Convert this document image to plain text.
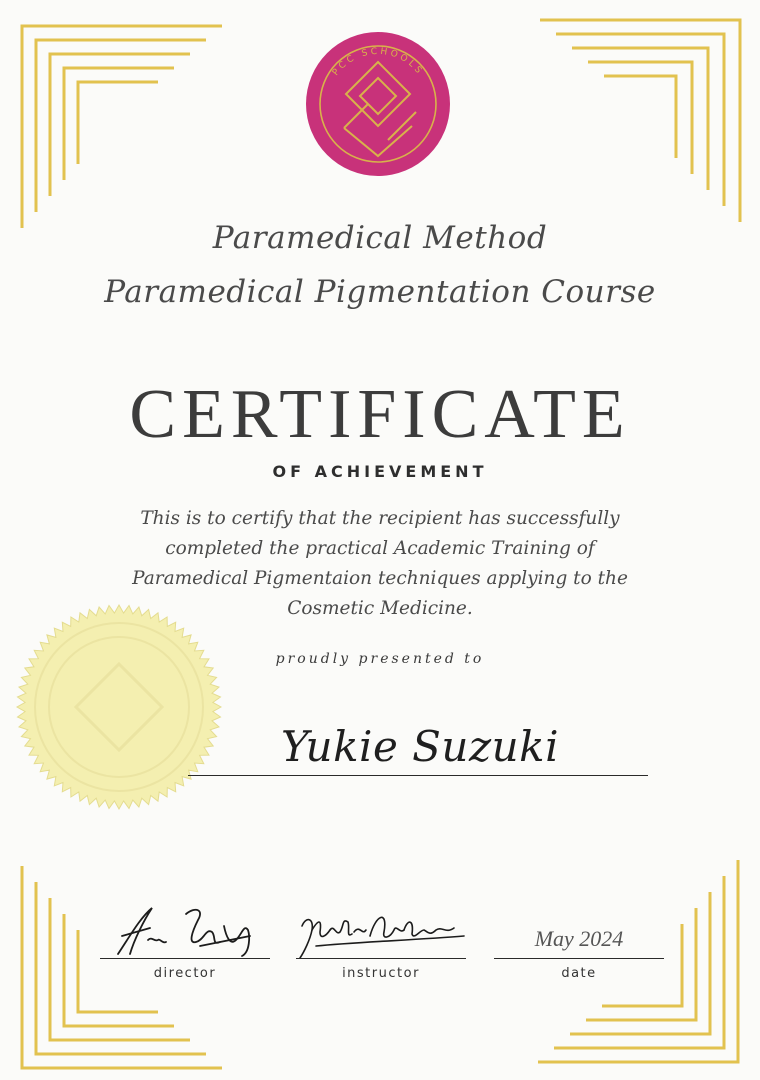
PCC SCHOOLS
Paramedical Method
Paramedical Pigmentation Course
CERTIFICATE
OF ACHIEVEMENT
This is to certify that the recipient has successfully
completed the practical Academic Training of
Paramedical Pigmentaion techniques applying to the
Cosmetic Medicine.
proudly presented to
Yukie Suzuki
director	instructor
May 2024
date
